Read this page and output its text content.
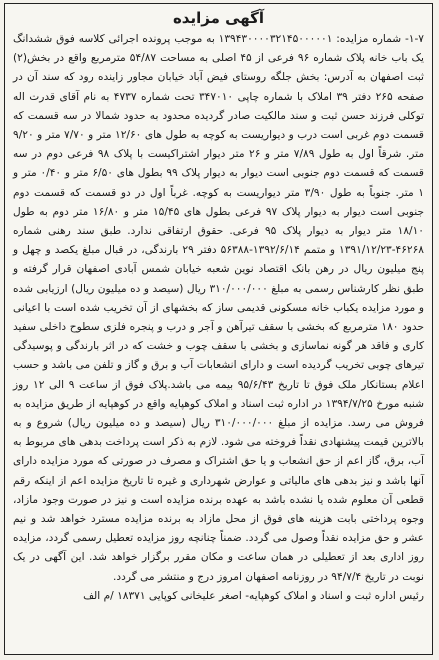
آگهی مزایده

۱-۷- شماره مزایده: ۱۳۹۴۳۰۰۰۰۳۲۱۴۵۰۰۰۰۰۱ به موجب پرونده اجرائی کلاسه فوق ششدانگ یک باب خانه پلاک شماره ۹۶ فرعی از ۴۵ اصلی به مساحت ۵۴/۸۷ مترمربع واقع در بخش(۲) ثبت اصفهان به آدرس: بخش جلگه روستای فیض آباد خیابان مجاور زاینده رود که سند آن در صفحه ۲۶۵ دفتر ۳۹ املاک با شماره چاپی ۳۴۷۰۱۰ تحت شماره ۴۷۳۷ به نام آقای قدرت اله توکلی فرزند حسن ثبت و سند مالکیت صادر گردیده محدود به حدود شمالا در سه قسمت که قسمت دوم غربی است درب و دیواریست به کوچه به طول های ۱۲/۶۰ متر و ۷/۷۰ متر و ۹/۲۰ متر. شرقاً اول به طول ۷/۸۹ متر و ۲۶ متر دیوار اشتراکیست با پلاک ۹۸ فرعی دوم در سه قسمت که قسمت دوم جنوبی است دیوار به دیوار پلاک ۹۹ بطول های ۶/۵۰ متر و ۰/۴۰ متر و ۱ متر. جنوباً به طول ۳/۹۰ متر دیواریست به کوچه. غرباً اول در دو قسمت که قسمت دوم جنوبی است دیوار به دیوار پلاک ۹۷ فرعی بطول های ۱۵/۴۵ متر و ۱۶/۸۰ متر دوم به طول ۱۸/۱۰ متر دیوار به دیوار پلاک ۹۵ فرعی. حقوق ارتفاقی ندارد. طبق سند رهنی شماره ۴۶۲۶۸-۱۳۹۱/۱۲/۲۳ و متمم ۱۳۹۲/۶/۱۴-۵۶۳۸۸ دفتر ۲۹ بارندگی، در قبال مبلغ یکصد و چهل و پنج میلیون ریال در رهن بانک اقتصاد نوین شعبه خیابان شمس آبادی اصفهان قرار گرفته و طبق نظر کارشناس رسمی به مبلغ ۳۱۰/۰۰۰/۰۰۰ ریال (سیصد و ده میلیون ریال) ارزیابی شده و مورد مزایده یکباب خانه مسکونی قدیمی ساز که بخشهای از آن تخریب شده است با اعیانی حدود ۱۸۰ مترمربع که بخشی با سقف تیرآهن و آجر و درب و پنجره فلزی سطوح داخلی سفید کاری و فاقد هر گونه نماسازی و بخشی با سقف چوب و خشت که در اثر بارندگی و پوسیدگی تیرهای چوبی تخریب گردیده است و دارای انشعابات آب و برق و گاز و تلفن می باشد و حسب اعلام بستانکار ملک فوق تا تاریخ ۹۵/۶/۴۳ بیمه می باشد.پلاک فوق از ساعت ۹ الی ۱۲ روز شنبه مورخ ۱۳۹۴/۷/۲۵ در اداره ثبت اسناد و املاک کوهپایه واقع در کوهپایه از طریق مزایده به فروش می رسد. مزایده از مبلغ ۳۱۰/۰۰۰/۰۰۰ ریال (سیصد و ده میلیون ریال) شروع و به بالاترین قیمت پیشنهادی نقداً فروخته می شود. لازم به ذکر است پرداخت بدهی های مربوط به آب، برق، گاز اعم از حق انشعاب و یا حق اشتراک و مصرف در صورتی که مورد مزایده دارای آنها باشد و نیز بدهی های مالیاتی و عوارض شهرداری و غیره تا تاریخ مزایده اعم از اینکه رقم قطعی آن معلوم شده یا نشده باشد به عهده برنده مزایده است و نیز در صورت وجود مازاد، وجوه پرداختی بابت هزینه های فوق از محل مازاد به برنده مزایده مسترد خواهد شد و نیم عشر و حق مزایده نقداً وصول می گردد. ضمناً چنانچه روز مزایده تعطیل رسمی گردد، مزایده روز اداری بعد از تعطیلی در همان ساعت و مکان مقرر برگزار خواهد شد. این آگهی در یک نوبت در تاریخ ۹۴/۷/۴ در روزنامه اصفهان امروز درج و منتشر می گردد.

رئیس اداره ثبت و اسناد و املاک کوهپایه- اصغر علیخانی کوپایی ۱۸۳۷۱ /م الف
